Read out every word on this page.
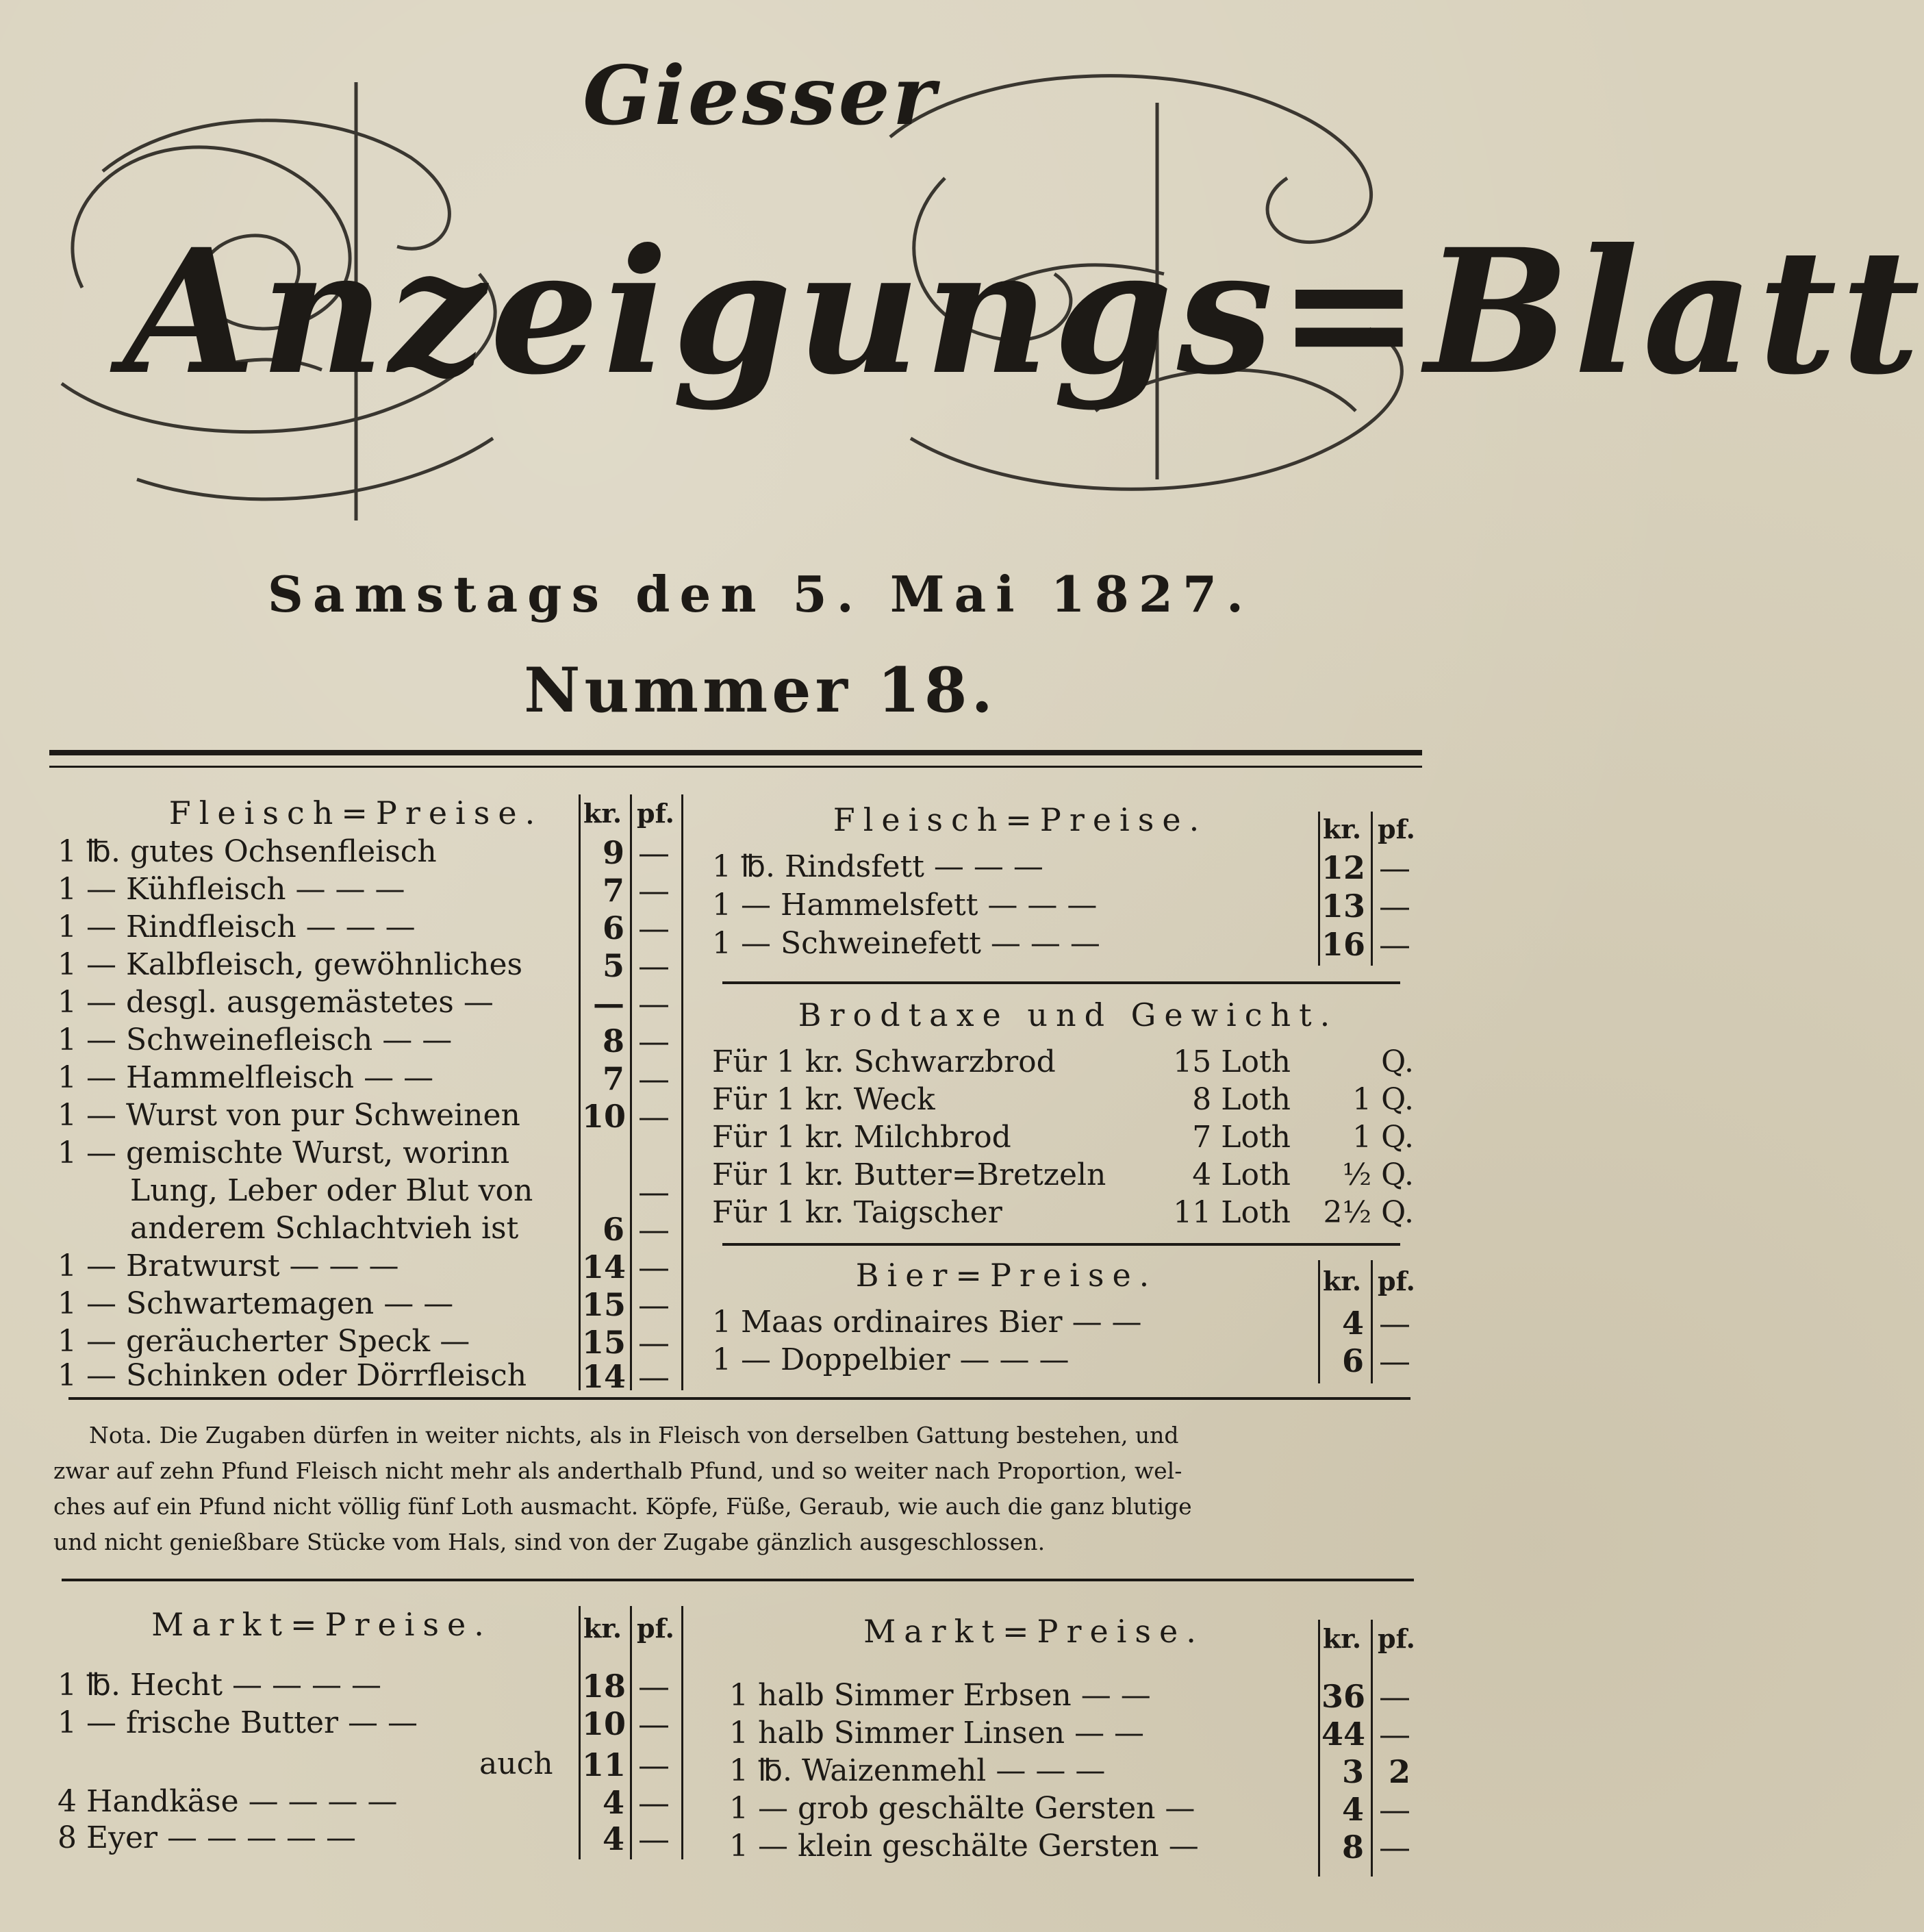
Giesser
Anzeigungs=Blatt
Samstags den 5. Mai 1827.
Nummer 18.
Fleisch=Preise.	kr. pf.
1 ℔. gutes Ochsenfleisch	9 —
1 — Kühfleisch — — —	7 —
1 — Rindfleisch — — —	6 —
1 — Kalbfleisch, gewöhnliches	5 —
1 — desgl. ausgemästetes —	— —
1 — Schweinefleisch — —	8 —
1 — Hammelfleisch — —	7 —
1 — Wurst von pur Schweinen 10 —
1 — gemischte Wurst, worinn
Lung, Leber oder Blut von	—
anderem Schlachtvieh ist	6 —
1 — Bratwurst — — —	14 —
1 — Schwartemagen — —	15 —
1 — geräucherter Speck —	15 —
1 — Schinken oder Dörrfleisch 14 —
Fleisch=Preise.	kr. pf.
1 ℔. Rindsfett — — —	12 —
1 — Hammelsfett — — —	13 —
1 — Schweinefett — — —	16 —
Brodtaxe und Gewicht.
Für 1 kr. Schwarzbrod	15 Loth	Q.
Für 1 kr. Weck	8 Loth	1 Q.
Für 1 kr. Milchbrod	7 Loth	1 Q.
Für 1 kr. Butter=Bretzeln	4 Loth	½ Q.
Für 1 kr. Taigscher	11 Loth	2½ Q.
Bier=Preise.	kr. pf.
1 Maas ordinaires Bier — —	4 —
1 — Doppelbier — — —	6 —
Nota. Die Zugaben dürfen in weiter nichts, als in Fleisch von derselben Gattung bestehen, und
zwar auf zehn Pfund Fleisch nicht mehr als anderthalb Pfund, und so weiter nach Proportion, wel-
ches auf ein Pfund nicht völlig fünf Loth ausmacht. Köpfe, Füße, Geraub, wie auch die ganz blutige
und nicht genießbare Stücke vom Hals, sind von der Zugabe gänzlich ausgeschlossen.
Markt=Preise.	kr. pf.
1 ℔. Hecht — — — —	18 —
1 — frische Butter — —	10 —
auch 11 —
4 Handkäse — — — —	4 —
8 Eyer — — — — —	4 —
Markt=Preise.	kr. pf.
1 halb Simmer Erbsen — —	36 —
1 halb Simmer Linsen — —	44 —
1 ℔. Waizenmehl — — —	3 2
1 — grob geschälte Gersten —	4 —
1 — klein geschälte Gersten —	8 —
